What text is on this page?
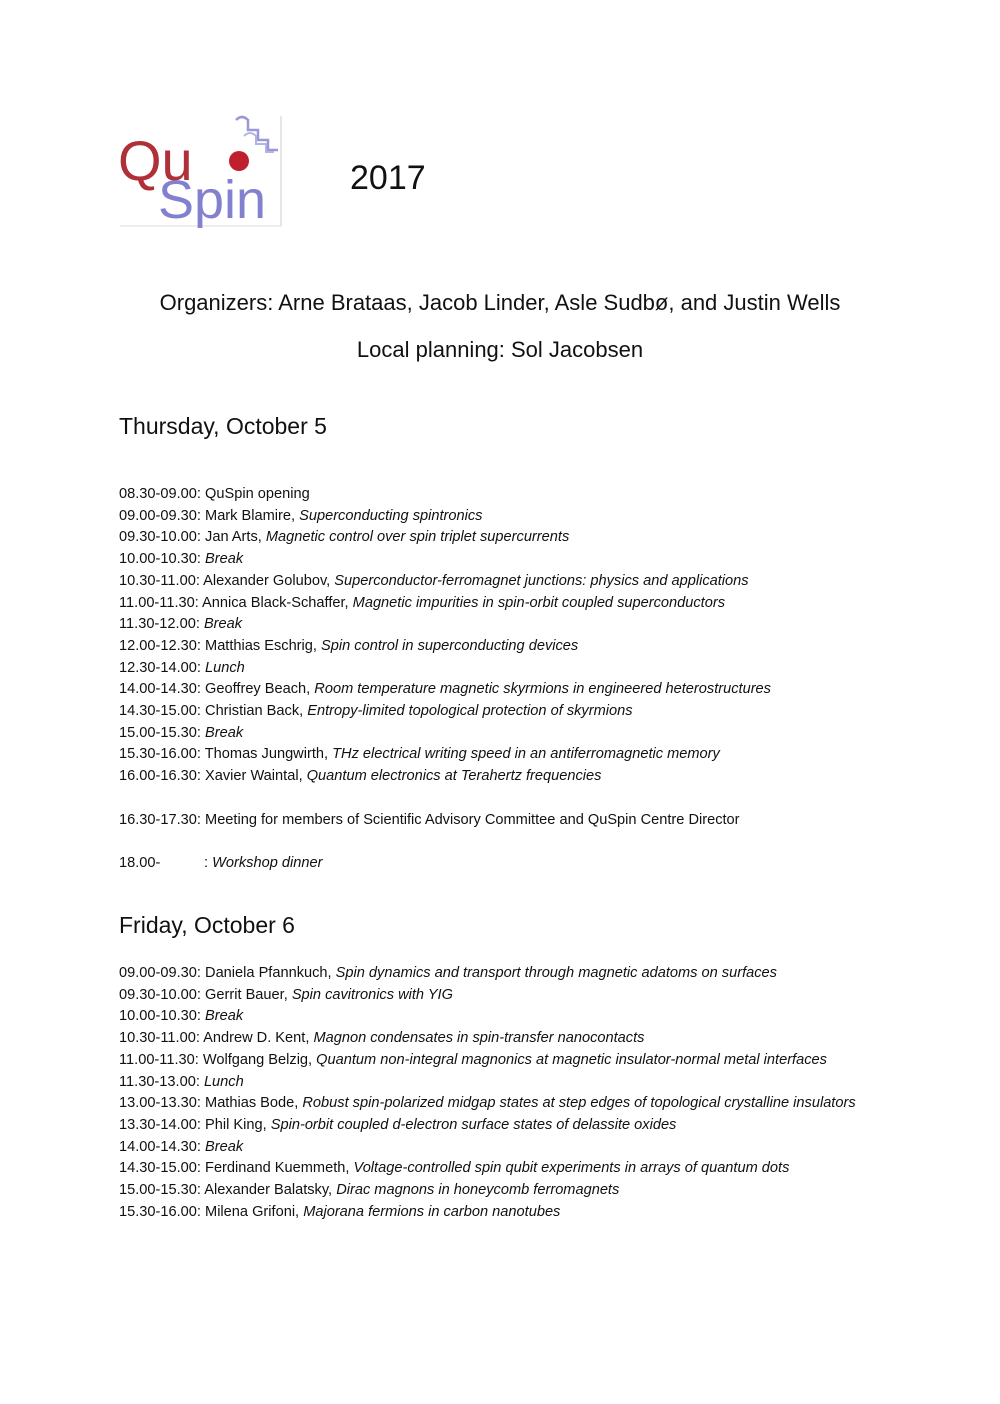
Qu
Spin 2017
Organizers: Arne Brataas, Jacob Linder, Asle Sudbø, and Justin Wells
Local planning: Sol Jacobsen
Thursday, October 5
08.30-09.00: QuSpin opening
09.00-09.30: Mark Blamire, Superconducting spintronics
09.30-10.00: Jan Arts, Magnetic control over spin triplet supercurrents
10.00-10.30: Break
10.30-11.00: Alexander Golubov, Superconductor-ferromagnet junctions: physics and applications
11.00-11.30: Annica Black-Schaffer, Magnetic impurities in spin-orbit coupled superconductors
11.30-12.00: Break
12.00-12.30: Matthias Eschrig, Spin control in superconducting devices
12.30-14.00: Lunch
14.00-14.30: Geoffrey Beach, Room temperature magnetic skyrmions in engineered heterostructures
14.30-15.00: Christian Back, Entropy-limited topological protection of skyrmions
15.00-15.30: Break
15.30-16.00: Thomas Jungwirth, THz electrical writing speed in an antiferromagnetic memory
16.00-16.30: Xavier Waintal, Quantum electronics at Terahertz frequencies
16.30-17.30: Meeting for members of Scientific Advisory Committee and QuSpin Centre Director
18.00-	: Workshop dinner
Friday, October 6
09.00-09.30: Daniela Pfannkuch, Spin dynamics and transport through magnetic adatoms on surfaces
09.30-10.00: Gerrit Bauer, Spin cavitronics with YIG
10.00-10.30: Break
10.30-11.00: Andrew D. Kent, Magnon condensates in spin-transfer nanocontacts
11.00-11.30: Wolfgang Belzig, Quantum non-integral magnonics at magnetic insulator-normal metal interfaces
11.30-13.00: Lunch
13.00-13.30: Mathias Bode, Robust spin-polarized midgap states at step edges of topological crystalline insulators
13.30-14.00: Phil King, Spin-orbit coupled d-electron surface states of delassite oxides
14.00-14.30: Break
14.30-15.00: Ferdinand Kuemmeth, Voltage-controlled spin qubit experiments in arrays of quantum dots
15.00-15.30: Alexander Balatsky, Dirac magnons in honeycomb ferromagnets
15.30-16.00: Milena Grifoni, Majorana fermions in carbon nanotubes
